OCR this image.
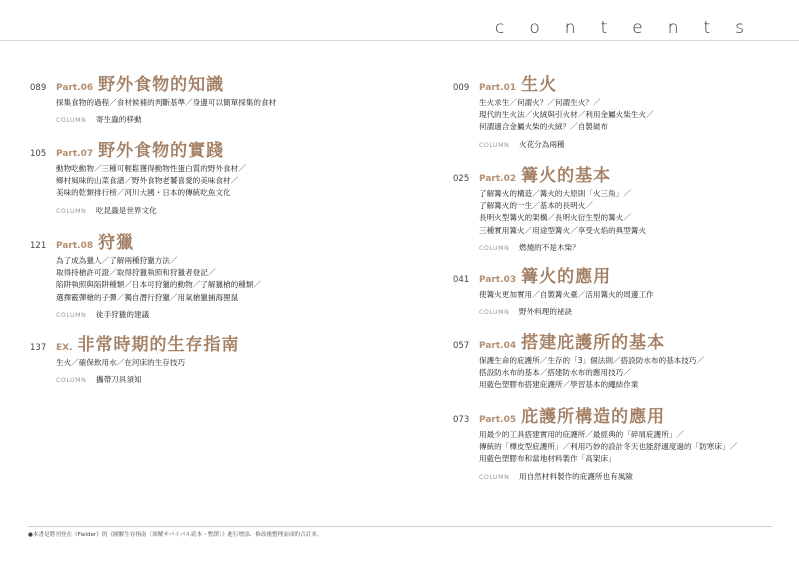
contents
089	Part.06 野外食物的知識
採集食物的過程／食材候補的判斷基準／身邊可以簡單採集的食材
COLUMN	寄生蟲的移動
105	Part.07 野外食物的實踐
動物吃動物／三種可輕鬆獲得動物性蛋白質的野外食材／
鄉村風味的山菜食譜／野外食物老饕喜愛的美味食材／
美味的乾類排行榜／河川大國・日本的傳統吃魚文化
COLUMN	吃昆蟲是世界文化
121	Part.08 狩獵
為了成為獵人／了解兩種狩獵方法／
取得持槍許可證／取得狩獵執照和狩獵者登記／
陷阱執照與陷阱種類／日本可狩獵的動物／了解獵槍的種類／
選擇霰彈槍的子彈／獨自潛行狩獵／用氣槍獵捕海狸鼠
COLUMN	徒手狩獵的建議
137	EX. 非常時期的生存指南
生火／確保飲用水／在河床的生存技巧
COLUMN	攜帶刀具須知
009	Part.01 生火
生火求生／何謂火？／何謂生火？／
現代的生火法／火絨與引火材／利用金屬火柴生火／
何謂適合金屬火柴的火絨？／自製破布
COLUMN	火花分為兩種
025	Part.02 篝火的基本
了解篝火的構造／篝火的大原則「火三角」／
了解篝火的一生／基本的長明火／
長明火型篝火的架構／長明火衍生型的篝火／
三種實用篝火／用途型篝火／享受火焰的典型篝火
COLUMN	燃燒的不是木柴？
041	Part.03 篝火的應用
使篝火更加實用／自製篝火臺／活用篝火的周邊工作
COLUMN	野外料理的祕訣
057	Part.04 搭建庇護所的基本
保護生命的庇護所／生存的「3」個法則／搭設防水布的基本技巧／
搭設防水布的基本／搭建防水布的應用技巧／
用藍色塑膠布搭建庇護所／學習基本的繩結作業
073	Part.05 庇護所構造的應用
用最少的工具搭建實用的庇護所／最經典的「碎屑庇護所」／
傳統的「樺皮型庇護所」／利用巧妙的設計冬天也能舒適度過的「防寒床」／
用藍色塑膠布和當地材料製作「高架床」
COLUMN	用自然材料製作的庇護所也有風險
●本書是將刊登在《Fielder》的《圖解生存指南〔図解サバイバル読本・暫譯〕》進行增添、修改後整理而成的合訂本。
